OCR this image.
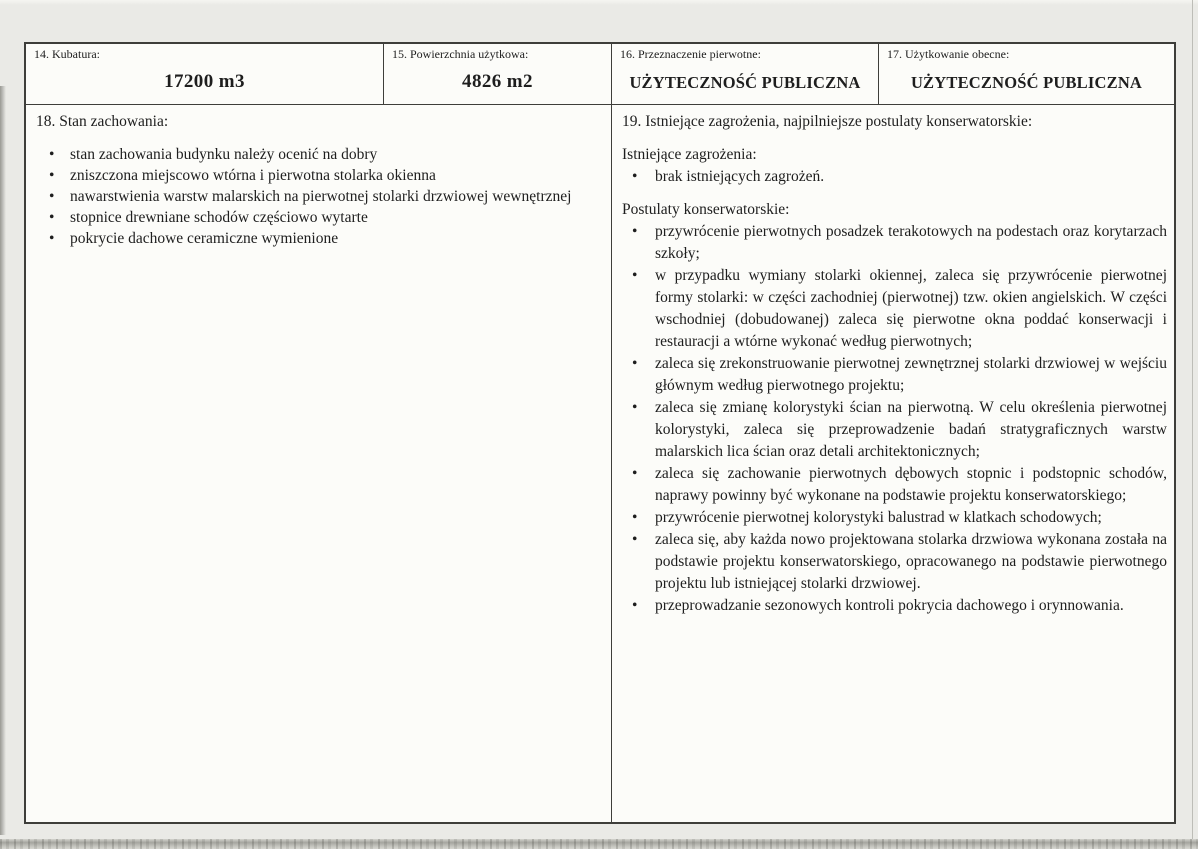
14. Kubatura:
17200 m3
15. Powierzchnia użytkowa:
4826 m2
16. Przeznaczenie pierwotne:
UŻYTECZNOŚĆ PUBLICZNA
17. Użytkowanie obecne:
UŻYTECZNOŚĆ PUBLICZNA
18. Stan zachowania:
• stan zachowania budynku należy ocenić na dobry
• zniszczona miejscowo wtórna i pierwotna stolarka okienna
• nawarstwienia warstw malarskich na pierwotnej stolarki drzwiowej wewnętrznej
• stopnice drewniane schodów częściowo wytarte
• pokrycie dachowe ceramiczne wymienione
19. Istniejące zagrożenia, najpilniejsze postulaty konserwatorskie:
Istniejące zagrożenia:
• brak istniejących zagrożeń.
Postulaty konserwatorskie:
• przywrócenie pierwotnych posadzek terakotowych na podestach oraz korytarzach szkoły;
• w przypadku wymiany stolarki okiennej, zaleca się przywrócenie pierwotnej formy stolarki: w części zachodniej (pierwotnej) tzw. okien angielskich. W części wschodniej (dobudowanej) zaleca się pierwotne okna poddać konserwacji i restauracji a wtórne wykonać według pierwotnych;
• zaleca się zrekonstruowanie pierwotnej zewnętrznej stolarki drzwiowej w wejściu głównym według pierwotnego projektu;
• zaleca się zmianę kolorystyki ścian na pierwotną. W celu określenia pierwotnej kolorystyki, zaleca się przeprowadzenie badań stratygraficznych warstw malarskich lica ścian oraz detali architektonicznych;
• zaleca się zachowanie pierwotnych dębowych stopnic i podstopnic schodów, naprawy powinny być wykonane na podstawie projektu konserwatorskiego;
• przywrócenie pierwotnej kolorystyki balustrad w klatkach schodowych;
• zaleca się, aby każda nowo projektowana stolarka drzwiowa wykonana została na podstawie projektu konserwatorskiego, opracowanego na podstawie pierwotnego projektu lub istniejącej stolarki drzwiowej.
• przeprowadzanie sezonowych kontroli pokrycia dachowego i orynnowania.
